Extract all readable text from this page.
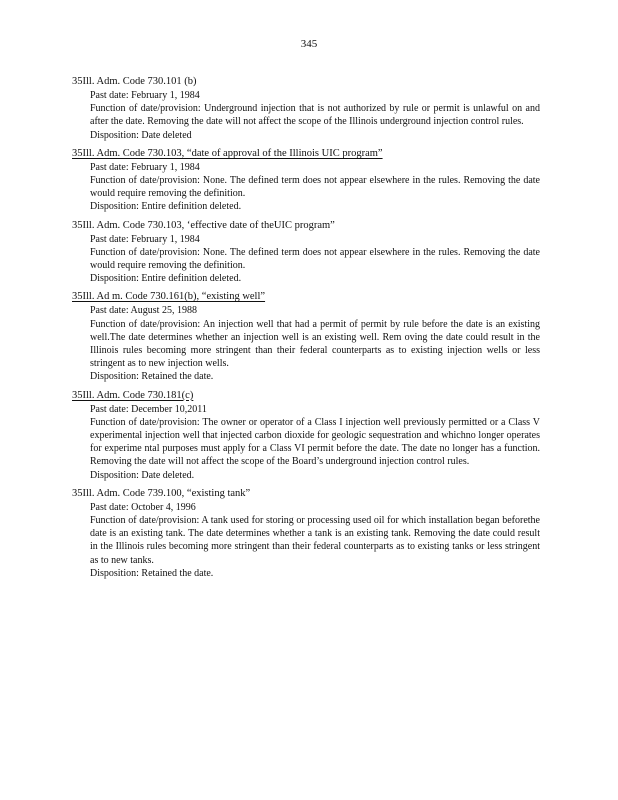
345
35Ill. Adm. Code 730.101 (b)
Past date: February 1, 1984
Function of date/provision: Underground injection that is not authorized by rule or permit is unlawful on and after the date. Removing the date will not affect the scope of the Illinois underground injection control rules.
Disposition: Date deleted
35Ill. Adm. Code 730.103, “date of approval of the Illinois UIC program”
Past date: February 1, 1984
Function of date/provision: None. The defined term does not appear elsewhere in the rules. Removing the date would require removing the definition.
Disposition: Entire definition deleted.
35Ill. Adm. Code 730.103, ‘effective date of theUIC program”
Past date: February 1, 1984
Function of date/provision: None. The defined term does not appear elsewhere in the rules. Removing the date would require removing the definition.
Disposition: Entire definition deleted.
35Ill. Ad m. Code 730.161(b), “existing well”
Past date: August 25, 1988
Function of date/provision: An injection well that had a permit of permit by rule before the date is an existing well.The date determines whether an injection well is an existing well. Rem oving the date could result in the Illinois rules becoming more stringent than their federal counterparts as to existing injection wells or less stringent as to new injection wells.
Disposition: Retained the date.
35Ill. Adm. Code 730.181(c)
Past date: December 10,2011
Function of date/provision: The owner or operator of a Class I injection well previously permitted or a Class V experimental injection well that injected carbon dioxide for geologic sequestration and whichno longer operates for experime ntal purposes must apply for a Class VI permit before the date. The date no longer has a function. Removing the date will not affect the scope of the Board’s underground injection control rules.
Disposition: Date deleted.
35Ill. Adm. Code 739.100, “existing tank”
Past date: October 4, 1996
Function of date/provision: A tank used for storing or processing used oil for which installation began beforethe date is an existing tank. The date determines whether a tank is an existing tank. Removing the date could result in the Illinois rules becoming more stringent than their federal counterparts as to existing tanks or less stringent as to new tanks.
Disposition: Retained the date.
